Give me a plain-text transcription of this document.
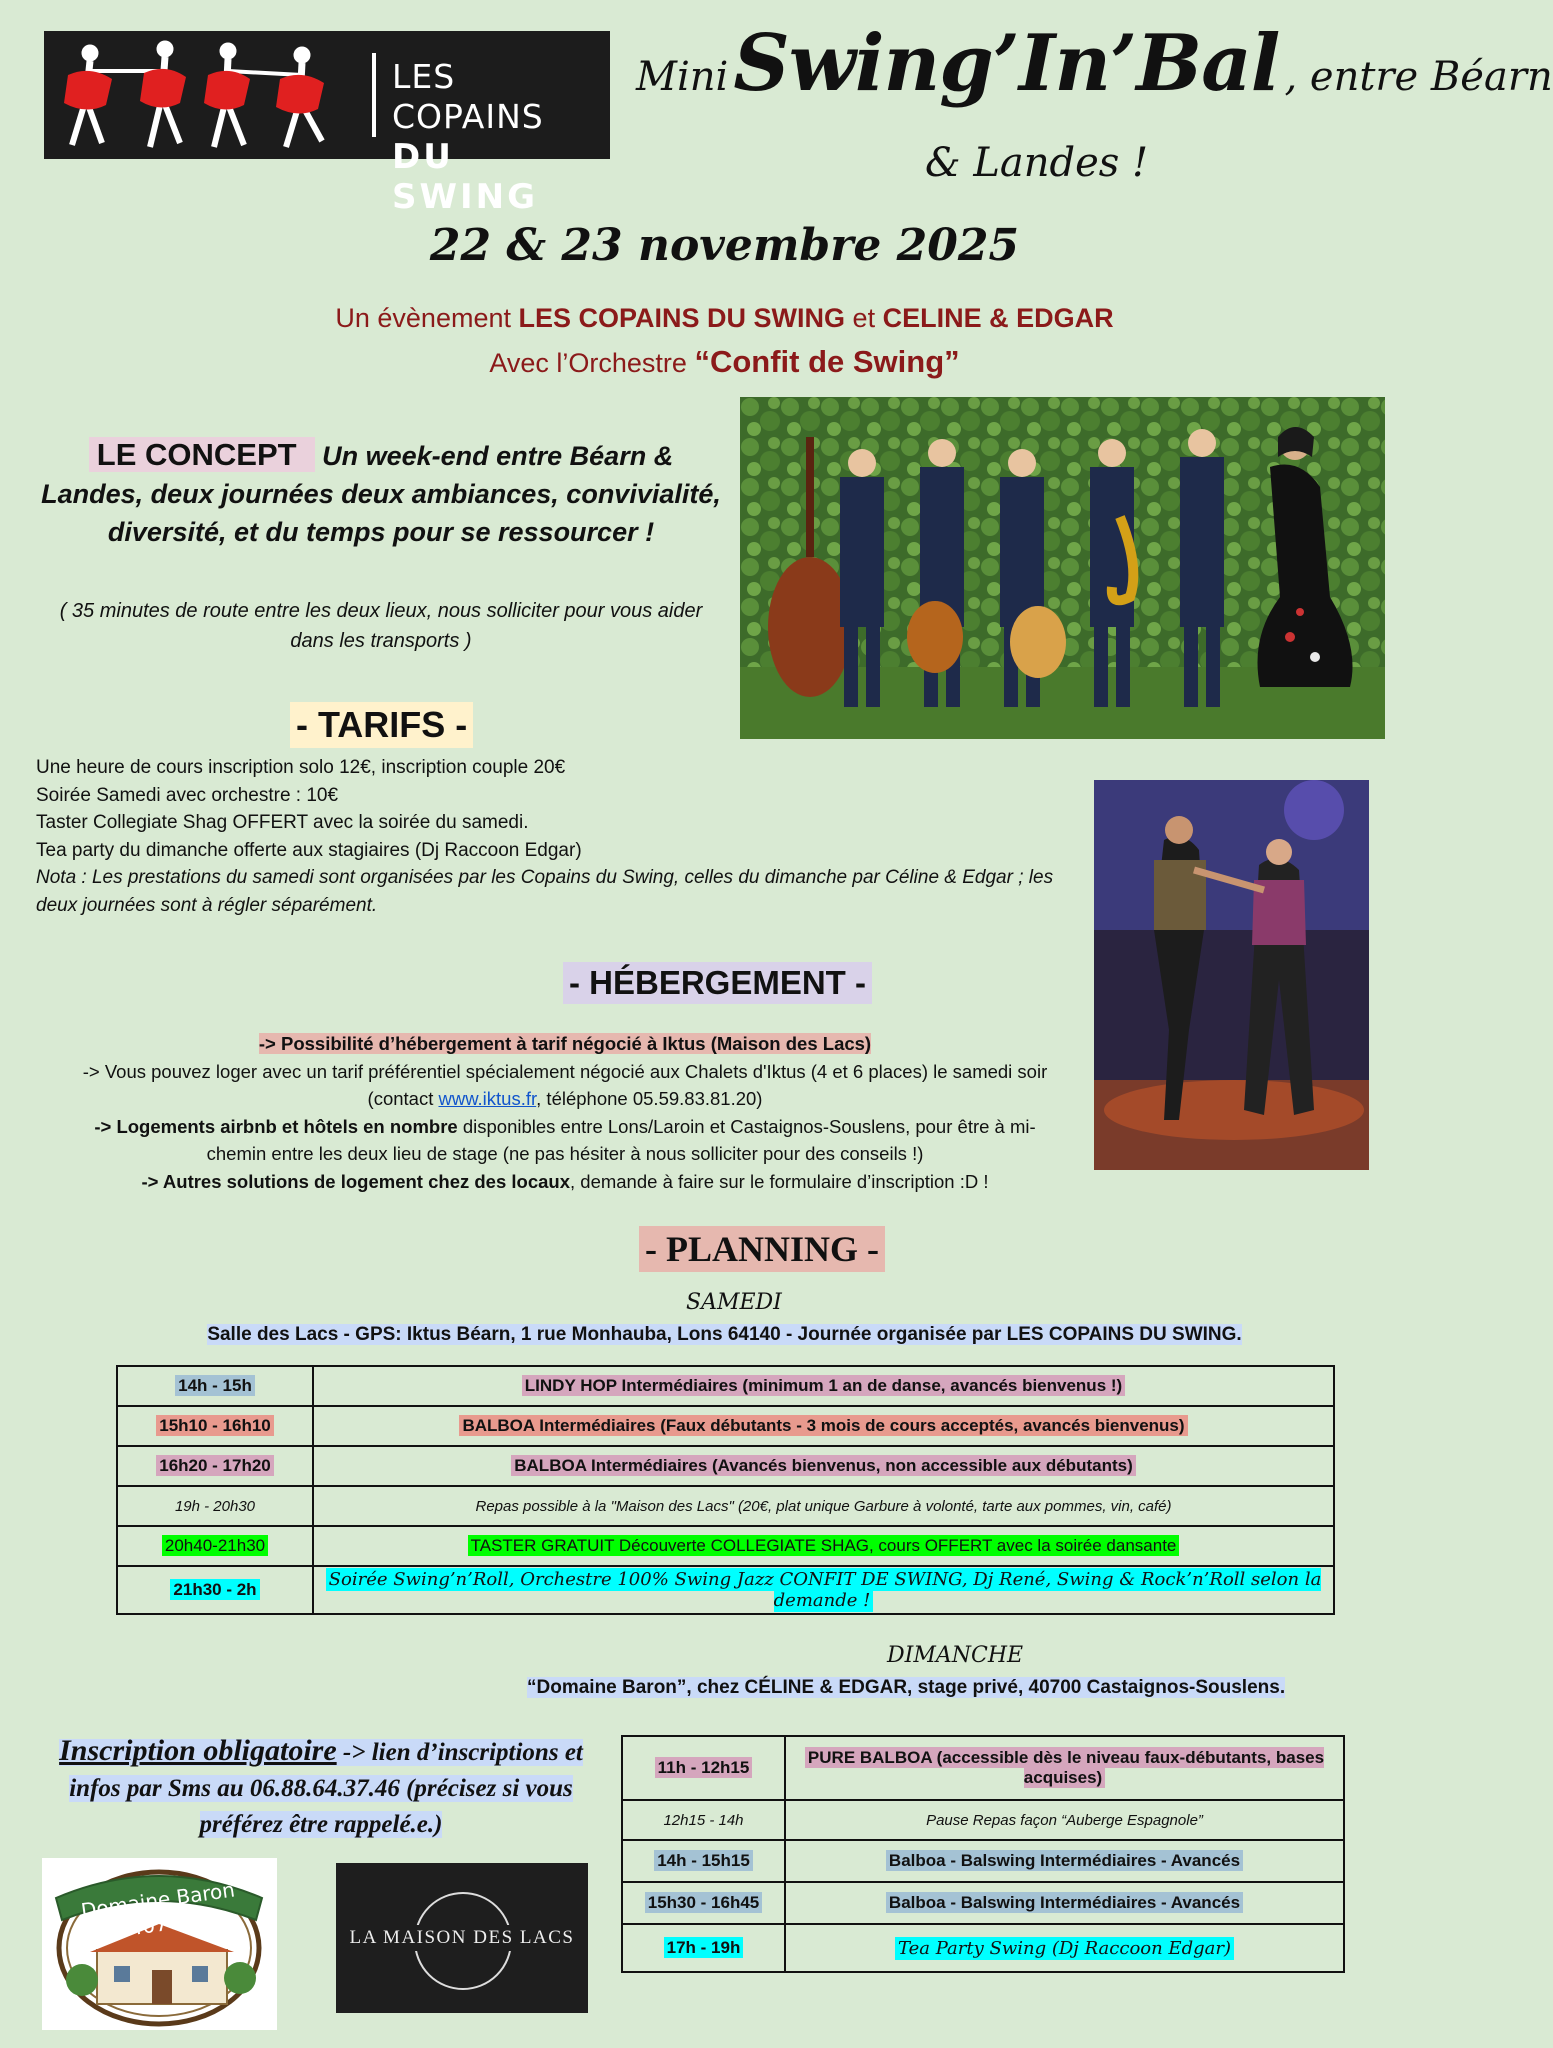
LES COPAINS
DU SWING
Mini Swing’In’Bal , entre Béarn
& Landes !
22 & 23 novembre 2025
Un évènement LES COPAINS DU SWING et CELINE & EDGAR
Avec l’Orchestre “Confit de Swing”
LE CONCEPT Un week-end entre Béarn & Landes, deux journées deux ambiances, convivialité, diversité, et du temps pour se ressourcer !
( 35 minutes de route entre les deux lieux, nous solliciter pour vous aider dans les transports )
- TARIFS -
Une heure de cours inscription solo 12€, inscription couple 20€
Soirée Samedi avec orchestre : 10€
Taster Collegiate Shag OFFERT avec la soirée du samedi.
Tea party du dimanche offerte aux stagiaires (Dj Raccoon Edgar)
Nota : Les prestations du samedi sont organisées par les Copains du Swing, celles du dimanche par Céline & Edgar ; les deux journées sont à régler séparément.
- HÉBERGEMENT -
-> Possibilité d’hébergement à tarif négocié à Iktus (Maison des Lacs)
-> Vous pouvez loger avec un tarif préférentiel spécialement négocié aux Chalets d'Iktus (4 et 6 places) le samedi soir
(contact www.iktus.fr, téléphone 05.59.83.81.20)
-> Logements airbnb et hôtels en nombre disponibles entre Lons/Laroin et Castaignos-Souslens, pour être à mi-chemin entre les deux lieu de stage (ne pas hésiter à nous solliciter pour des conseils !)
-> Autres solutions de logement chez des locaux, demande à faire sur le formulaire d’inscription :D !
- PLANNING -
SAMEDI
Salle des Lacs - GPS: Iktus Béarn, 1 rue Monhauba, Lons 64140 - Journée organisée par LES COPAINS DU SWING.
14h - 15h	LINDY HOP Intermédiaires (minimum 1 an de danse, avancés bienvenus !)
15h10 - 16h10	BALBOA Intermédiaires (Faux débutants - 3 mois de cours acceptés, avancés bienvenus)
16h20 - 17h20	BALBOA Intermédiaires (Avancés bienvenus, non accessible aux débutants)
19h - 20h30	Repas possible à la "Maison des Lacs" (20€, plat unique Garbure à volonté, tarte aux pommes, vin, café)
20h40-21h30	TASTER GRATUIT Découverte COLLEGIATE SHAG, cours OFFERT avec la soirée dansante
21h30 - 2h	Soirée Swing’n’Roll, Orchestre 100% Swing Jazz CONFIT DE SWING, Dj René, Swing & Rock’n’Roll selon la demande !
DIMANCHE
“Domaine Baron”, chez CÉLINE & EDGAR, stage privé, 40700 Castaignos-Souslens.
11h - 12h15	PURE BALBOA (accessible dès le niveau faux-débutants, bases acquises)
12h15 - 14h	Pause Repas façon “Auberge Espagnole”
14h - 15h15	Balboa - Balswing Intermédiaires - Avancés
15h30 - 16h45	Balboa - Balswing Intermédiaires - Avancés
17h - 19h	Tea Party Swing (Dj Raccoon Edgar)
Inscription obligatoire -> lien d’inscriptions et infos par Sms au 06.88.64.37.46 (précisez si vous préférez être rappelé.e.)
Domaine Baron 40700	LA MAISON DES LACS
